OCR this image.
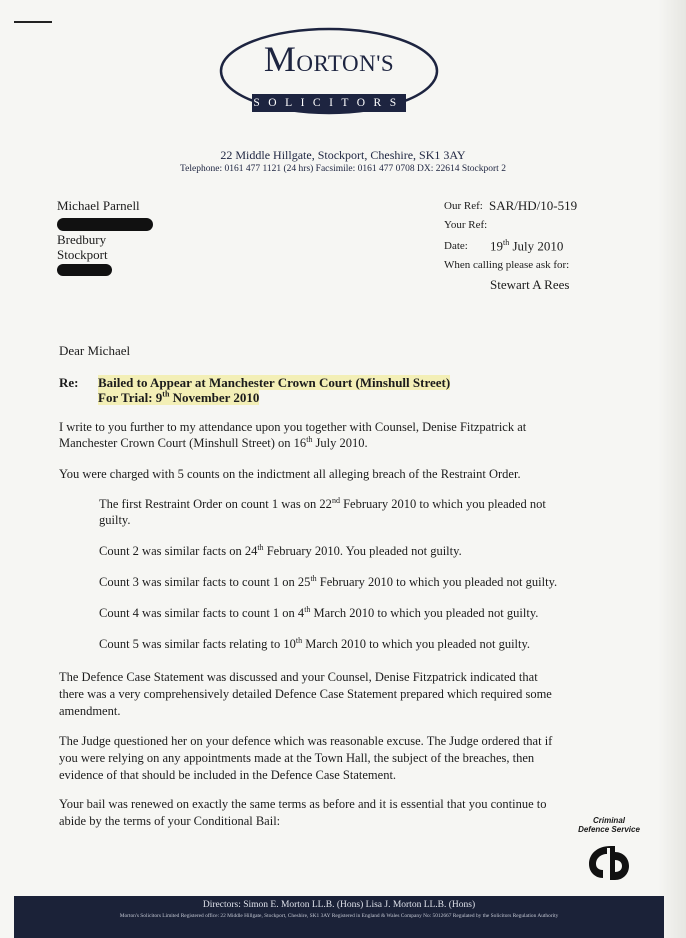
MORTON'S
SOLICITORS
22 Middle Hillgate, Stockport, Cheshire, SK1 3AY
Telephone: 0161 477 1121 (24 hrs) Facsimile: 0161 477 0708 DX: 22614 Stockport 2
Michael Parnell
Bredbury
Stockport
Our Ref: SAR/HD/10-519
Your Ref:
Date: 19th July 2010
When calling please ask for:
Stewart A Rees
Dear Michael
Re: Bailed to Appear at Manchester Crown Court (Minshull Street)
For Trial: 9th November 2010
I write to you further to my attendance upon you together with Counsel, Denise Fitzpatrick at
Manchester Crown Court (Minshull Street) on 16th July 2010.
You were charged with 5 counts on the indictment all alleging breach of the Restraint Order.
The first Restraint Order on count 1 was on 22nd February 2010 to which you pleaded not
guilty.
Count 2 was similar facts on 24th February 2010. You pleaded not guilty.
Count 3 was similar facts to count 1 on 25th February 2010 to which you pleaded not guilty.
Count 4 was similar facts to count 1 on 4th March 2010 to which you pleaded not guilty.
Count 5 was similar facts relating to 10th March 2010 to which you pleaded not guilty.
The Defence Case Statement was discussed and your Counsel, Denise Fitzpatrick indicated that
there was a very comprehensively detailed Defence Case Statement prepared which required some
amendment.
The Judge questioned her on your defence which was reasonable excuse. The Judge ordered that if
you were relying on any appointments made at the Town Hall, the subject of the breaches, then
evidence of that should be included in the Defence Case Statement.
Your bail was renewed on exactly the same terms as before and it is essential that you continue to
abide by the terms of your Conditional Bail:	Criminal
Defence Service
Directors: Simon E. Morton LL.B. (Hons) Lisa J. Morton LL.B. (Hons)
Morton's Solicitors Limited Registered office: 22 Middle Hillgate, Stockport, Cheshire, SK1 3AY Registered in England & Wales Company No: 5012667 Regulated by the Solicitors Regulation Authority
